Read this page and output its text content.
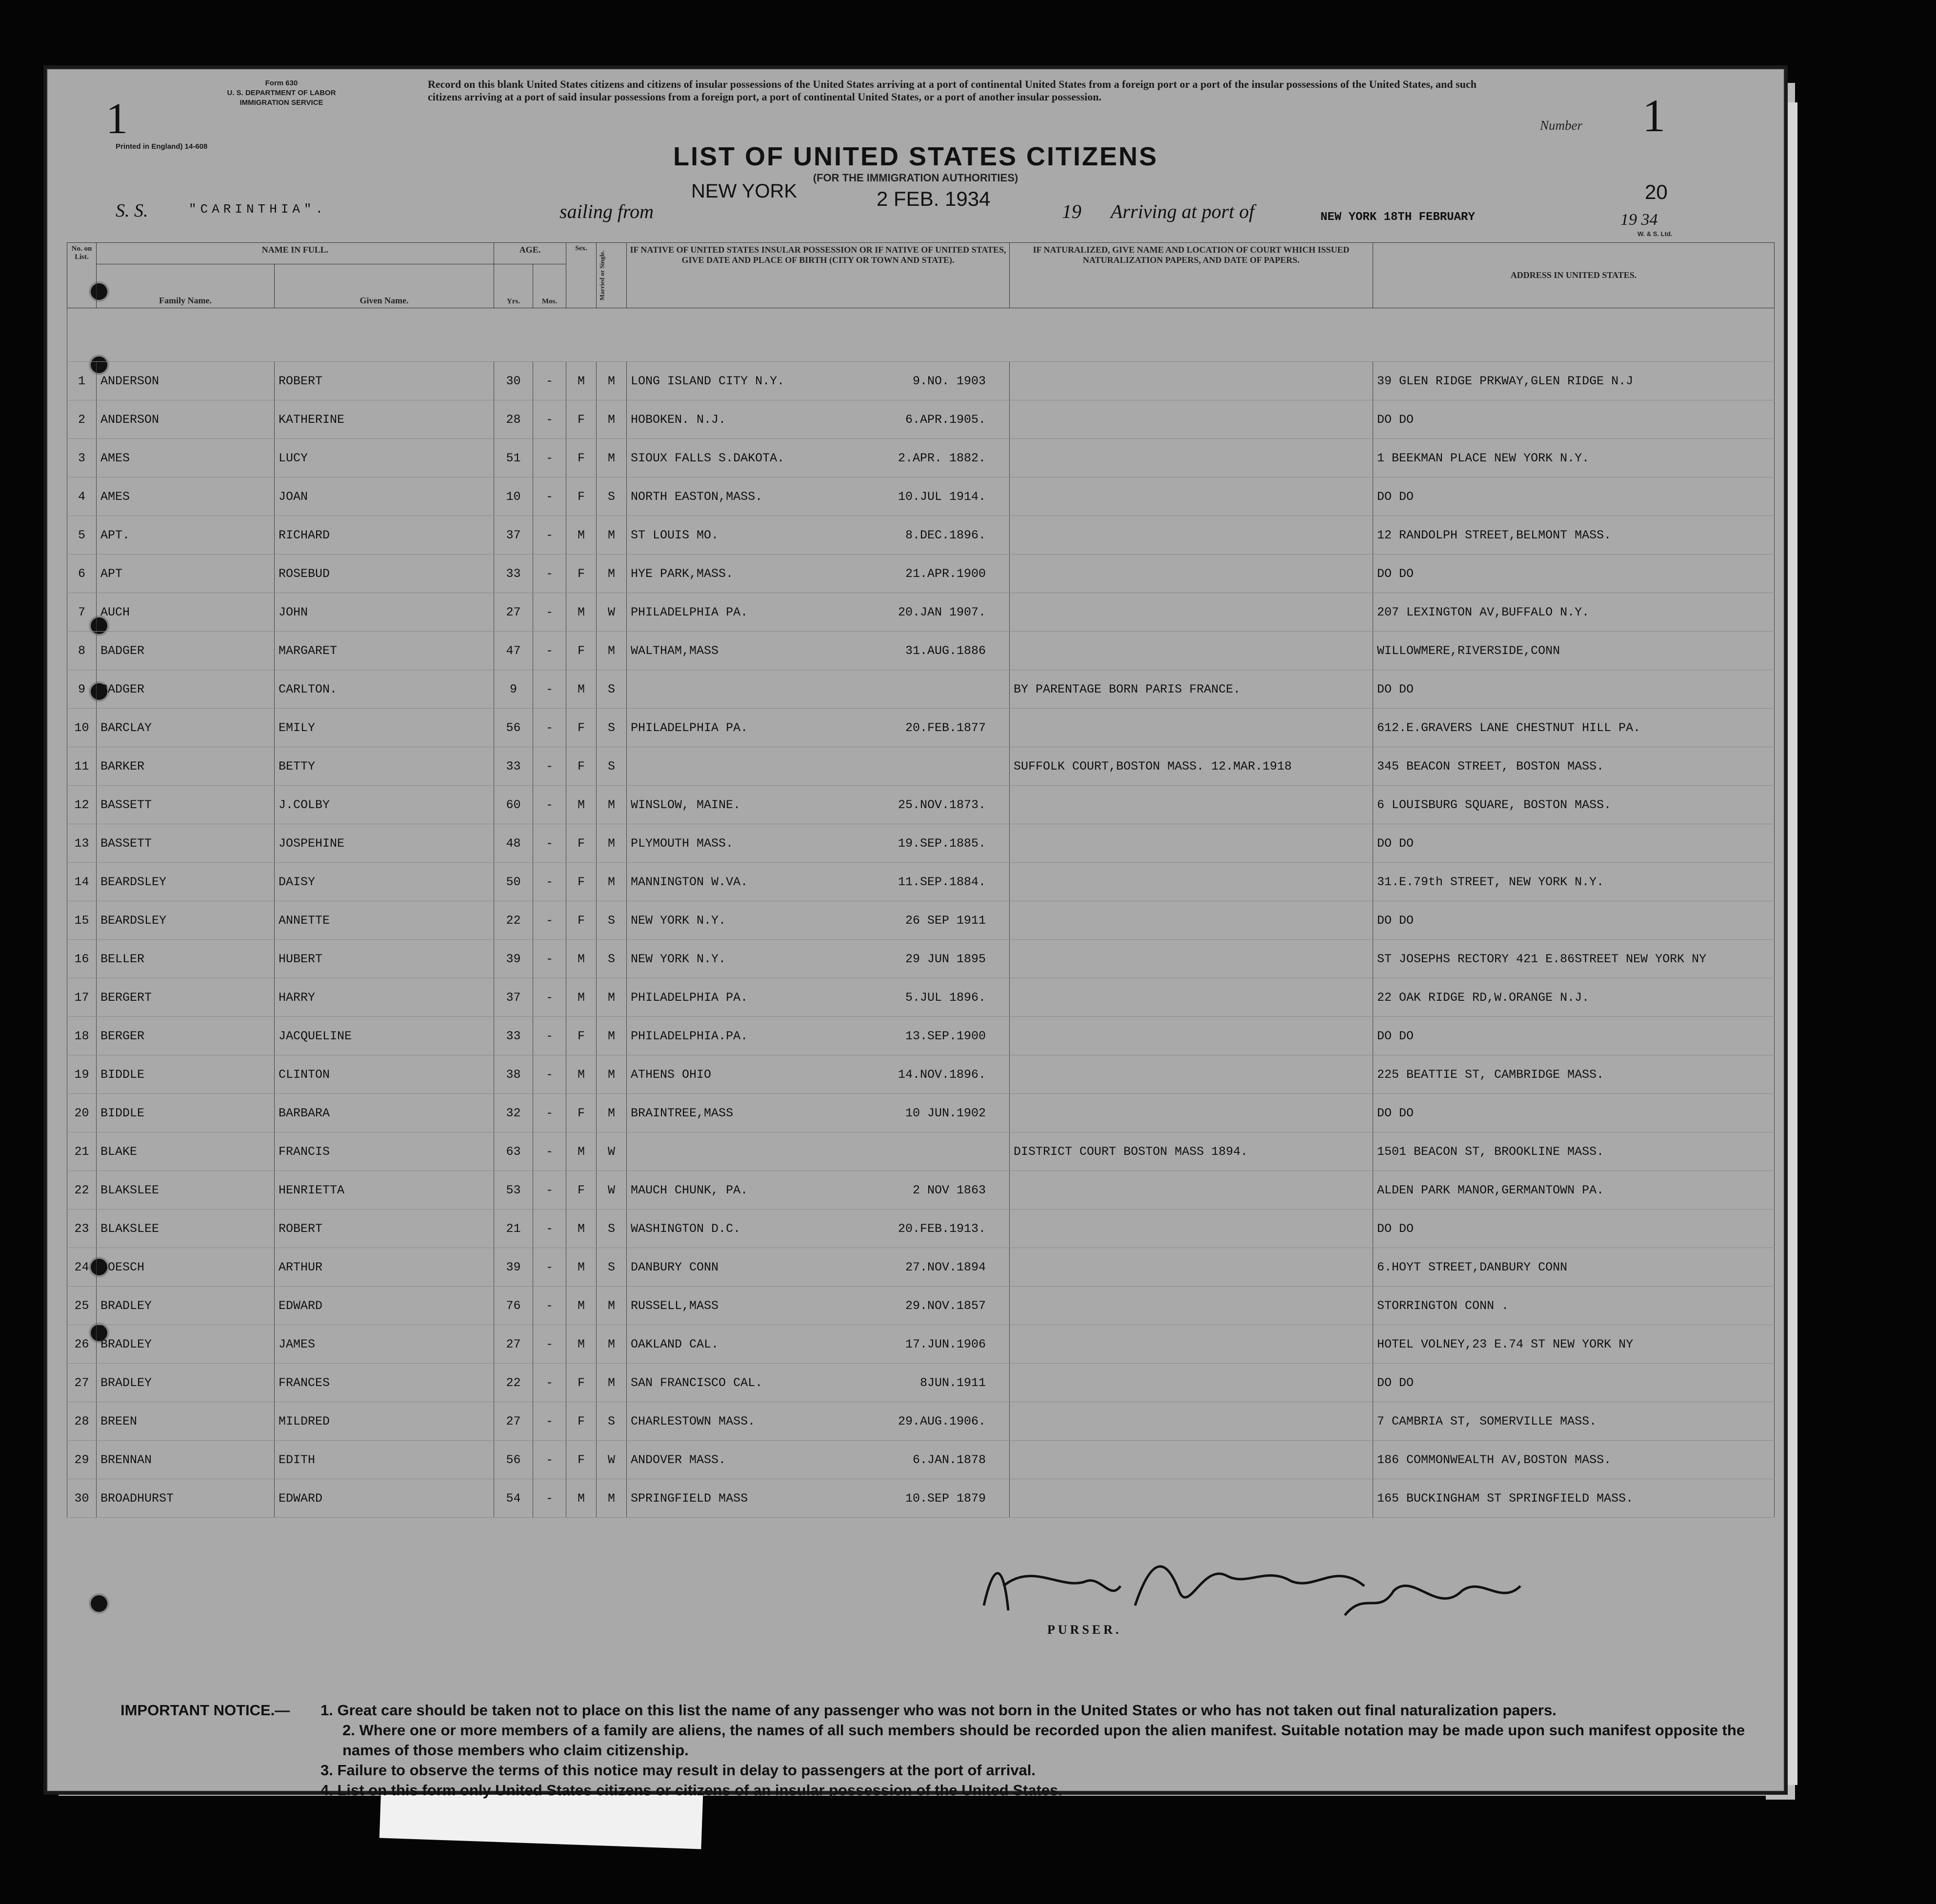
1
Form 630
U. S. DEPARTMENT OF LABOR
IMMIGRATION SERVICE
Printed in England) 14-608
Record on this blank United States citizens and citizens of insular possessions of the United States arriving at a port of continental United States from a foreign port or a port of the insular possessions of the United States, and such citizens arriving at a port of said insular possessions from a foreign port, a port of continental United States, or a port of another insular possession.
Number 1
LIST OF UNITED STATES CITIZENS
(FOR THE IMMIGRATION AUTHORITIES)
S. S.	"CARINTHIA".	sailing from
NEW YORK	2 FEB. 1934
19 Arriving at port of	NEW YORK 18TH FEBRUARY
20
19 34
W. & S. Ltd.
No. on List.	NAME IN FULL.		AGE.		Sex.	Married or Single.	IF NATIVE OF UNITED STATES INSULAR POSSESSION OR IF NATIVE OF UNITED STATES, GIVE DATE AND PLACE OF BIRTH (CITY OR TOWN AND STATE).	IF NATURALIZED, GIVE NAME AND LOCATION OF COURT WHICH ISSUED NATURALIZATION PAPERS, AND DATE OF PAPERS.	ADDRESS IN UNITED STATES.
	Family Name.	Given Name.	Yrs.	Mos.					

1	ANDERSON	ROBERT	30	-	M	M	LONG ISLAND CITY N.Y. 9.NO. 1903		39 GLEN RIDGE PRKWAY,GLEN RIDGE N.J
2	ANDERSON	KATHERINE	28	-	F	M	HOBOKEN. N.J. 6.APR.1905.		DO DO
3	AMES	LUCY	51	-	F	M	SIOUX FALLS S.DAKOTA. 2.APR. 1882.		1 BEEKMAN PLACE NEW YORK N.Y.
4	AMES	JOAN	10	-	F	S	NORTH EASTON,MASS. 10.JUL 1914.		DO DO
5	APT.	RICHARD	37	-	M	M	ST LOUIS MO. 8.DEC.1896.		12 RANDOLPH STREET,BELMONT MASS.
6	APT	ROSEBUD	33	-	F	M	HYE PARK,MASS. 21.APR.1900		DO DO
7	AUCH	JOHN	27	-	M	W	PHILADELPHIA PA. 20.JAN 1907.		207 LEXINGTON AV,BUFFALO N.Y.
8	BADGER	MARGARET	47	-	F	M	WALTHAM,MASS 31.AUG.1886		WILLOWMERE,RIVERSIDE,CONN
9	BADGER	CARLTON.	9	-	M	S		BY PARENTAGE BORN PARIS FRANCE.	DO DO
10	BARCLAY	EMILY	56	-	F	S	PHILADELPHIA PA. 20.FEB.1877		612.E.GRAVERS LANE CHESTNUT HILL PA.
11	BARKER	BETTY	33	-	F	S		SUFFOLK COURT,BOSTON MASS. 12.MAR.1918	345 BEACON STREET, BOSTON MASS.
12	BASSETT	J.COLBY	60	-	M	M	WINSLOW, MAINE. 25.NOV.1873.		6 LOUISBURG SQUARE, BOSTON MASS.
13	BASSETT	JOSPEHINE	48	-	F	M	PLYMOUTH MASS. 19.SEP.1885.		DO DO
14	BEARDSLEY	DAISY	50	-	F	M	MANNINGTON W.VA. 11.SEP.1884.		31.E.79th STREET, NEW YORK N.Y.
15	BEARDSLEY	ANNETTE	22	-	F	S	NEW YORK N.Y. 26 SEP 1911		DO DO
16	BELLER	HUBERT	39	-	M	S	NEW YORK N.Y. 29 JUN 1895		ST JOSEPHS RECTORY 421 E.86STREET NEW YORK NY
17	BERGERT	HARRY	37	-	M	M	PHILADELPHIA PA. 5.JUL 1896.		22 OAK RIDGE RD,W.ORANGE N.J.
18	BERGER	JACQUELINE	33	-	F	M	PHILADELPHIA.PA. 13.SEP.1900		DO DO
19	BIDDLE	CLINTON	38	-	M	M	ATHENS OHIO 14.NOV.1896.		225 BEATTIE ST, CAMBRIDGE MASS.
20	BIDDLE	BARBARA	32	-	F	M	BRAINTREE,MASS 10 JUN.1902		DO DO
21	BLAKE	FRANCIS	63	-	M	W		DISTRICT COURT BOSTON MASS 1894.	1501 BEACON ST, BROOKLINE MASS.
22	BLAKSLEE	HENRIETTA	53	-	F	W	MAUCH CHUNK, PA. 2 NOV 1863		ALDEN PARK MANOR,GERMANTOWN PA.
23	BLAKSLEE	ROBERT	21	-	M	S	WASHINGTON D.C. 20.FEB.1913.		DO DO
24	BOESCH	ARTHUR	39	-	M	S	DANBURY CONN 27.NOV.1894		6.HOYT STREET,DANBURY CONN
25	BRADLEY	EDWARD	76	-	M	M	RUSSELL,MASS 29.NOV.1857		STORRINGTON CONN .
26	BRADLEY	JAMES	27	-	M	M	OAKLAND CAL. 17.JUN.1906		HOTEL VOLNEY,23 E.74 ST NEW YORK NY
27	BRADLEY	FRANCES	22	-	F	M	SAN FRANCISCO CAL. 8JUN.1911		DO DO
28	BREEN	MILDRED	27	-	F	S	CHARLESTOWN MASS. 29.AUG.1906.		7 CAMBRIA ST, SOMERVILLE MASS.
29	BRENNAN	EDITH	56	-	F	W	ANDOVER MASS. 6.JAN.1878		186 COMMONWEALTH AV,BOSTON MASS.
30	BROADHURST	EDWARD	54	-	M	M	SPRINGFIELD MASS 10.SEP 1879		165 BUCKINGHAM ST SPRINGFIELD MASS.
PURSER.
IMPORTANT NOTICE.— 1. Great care should be taken not to place on this list the name of any passenger who was not born in the United States or who has not taken out final naturalization papers.
2. Where one or more members of a family are aliens, the names of all such members should be recorded upon the alien manifest. Suitable notation may be made upon such manifest opposite the names of those members who claim citizenship.
3. Failure to observe the terms of this notice may result in delay to passengers at the port of arrival.
4. List on this form only United States citizens or citizens of an insular possession of the United States.
